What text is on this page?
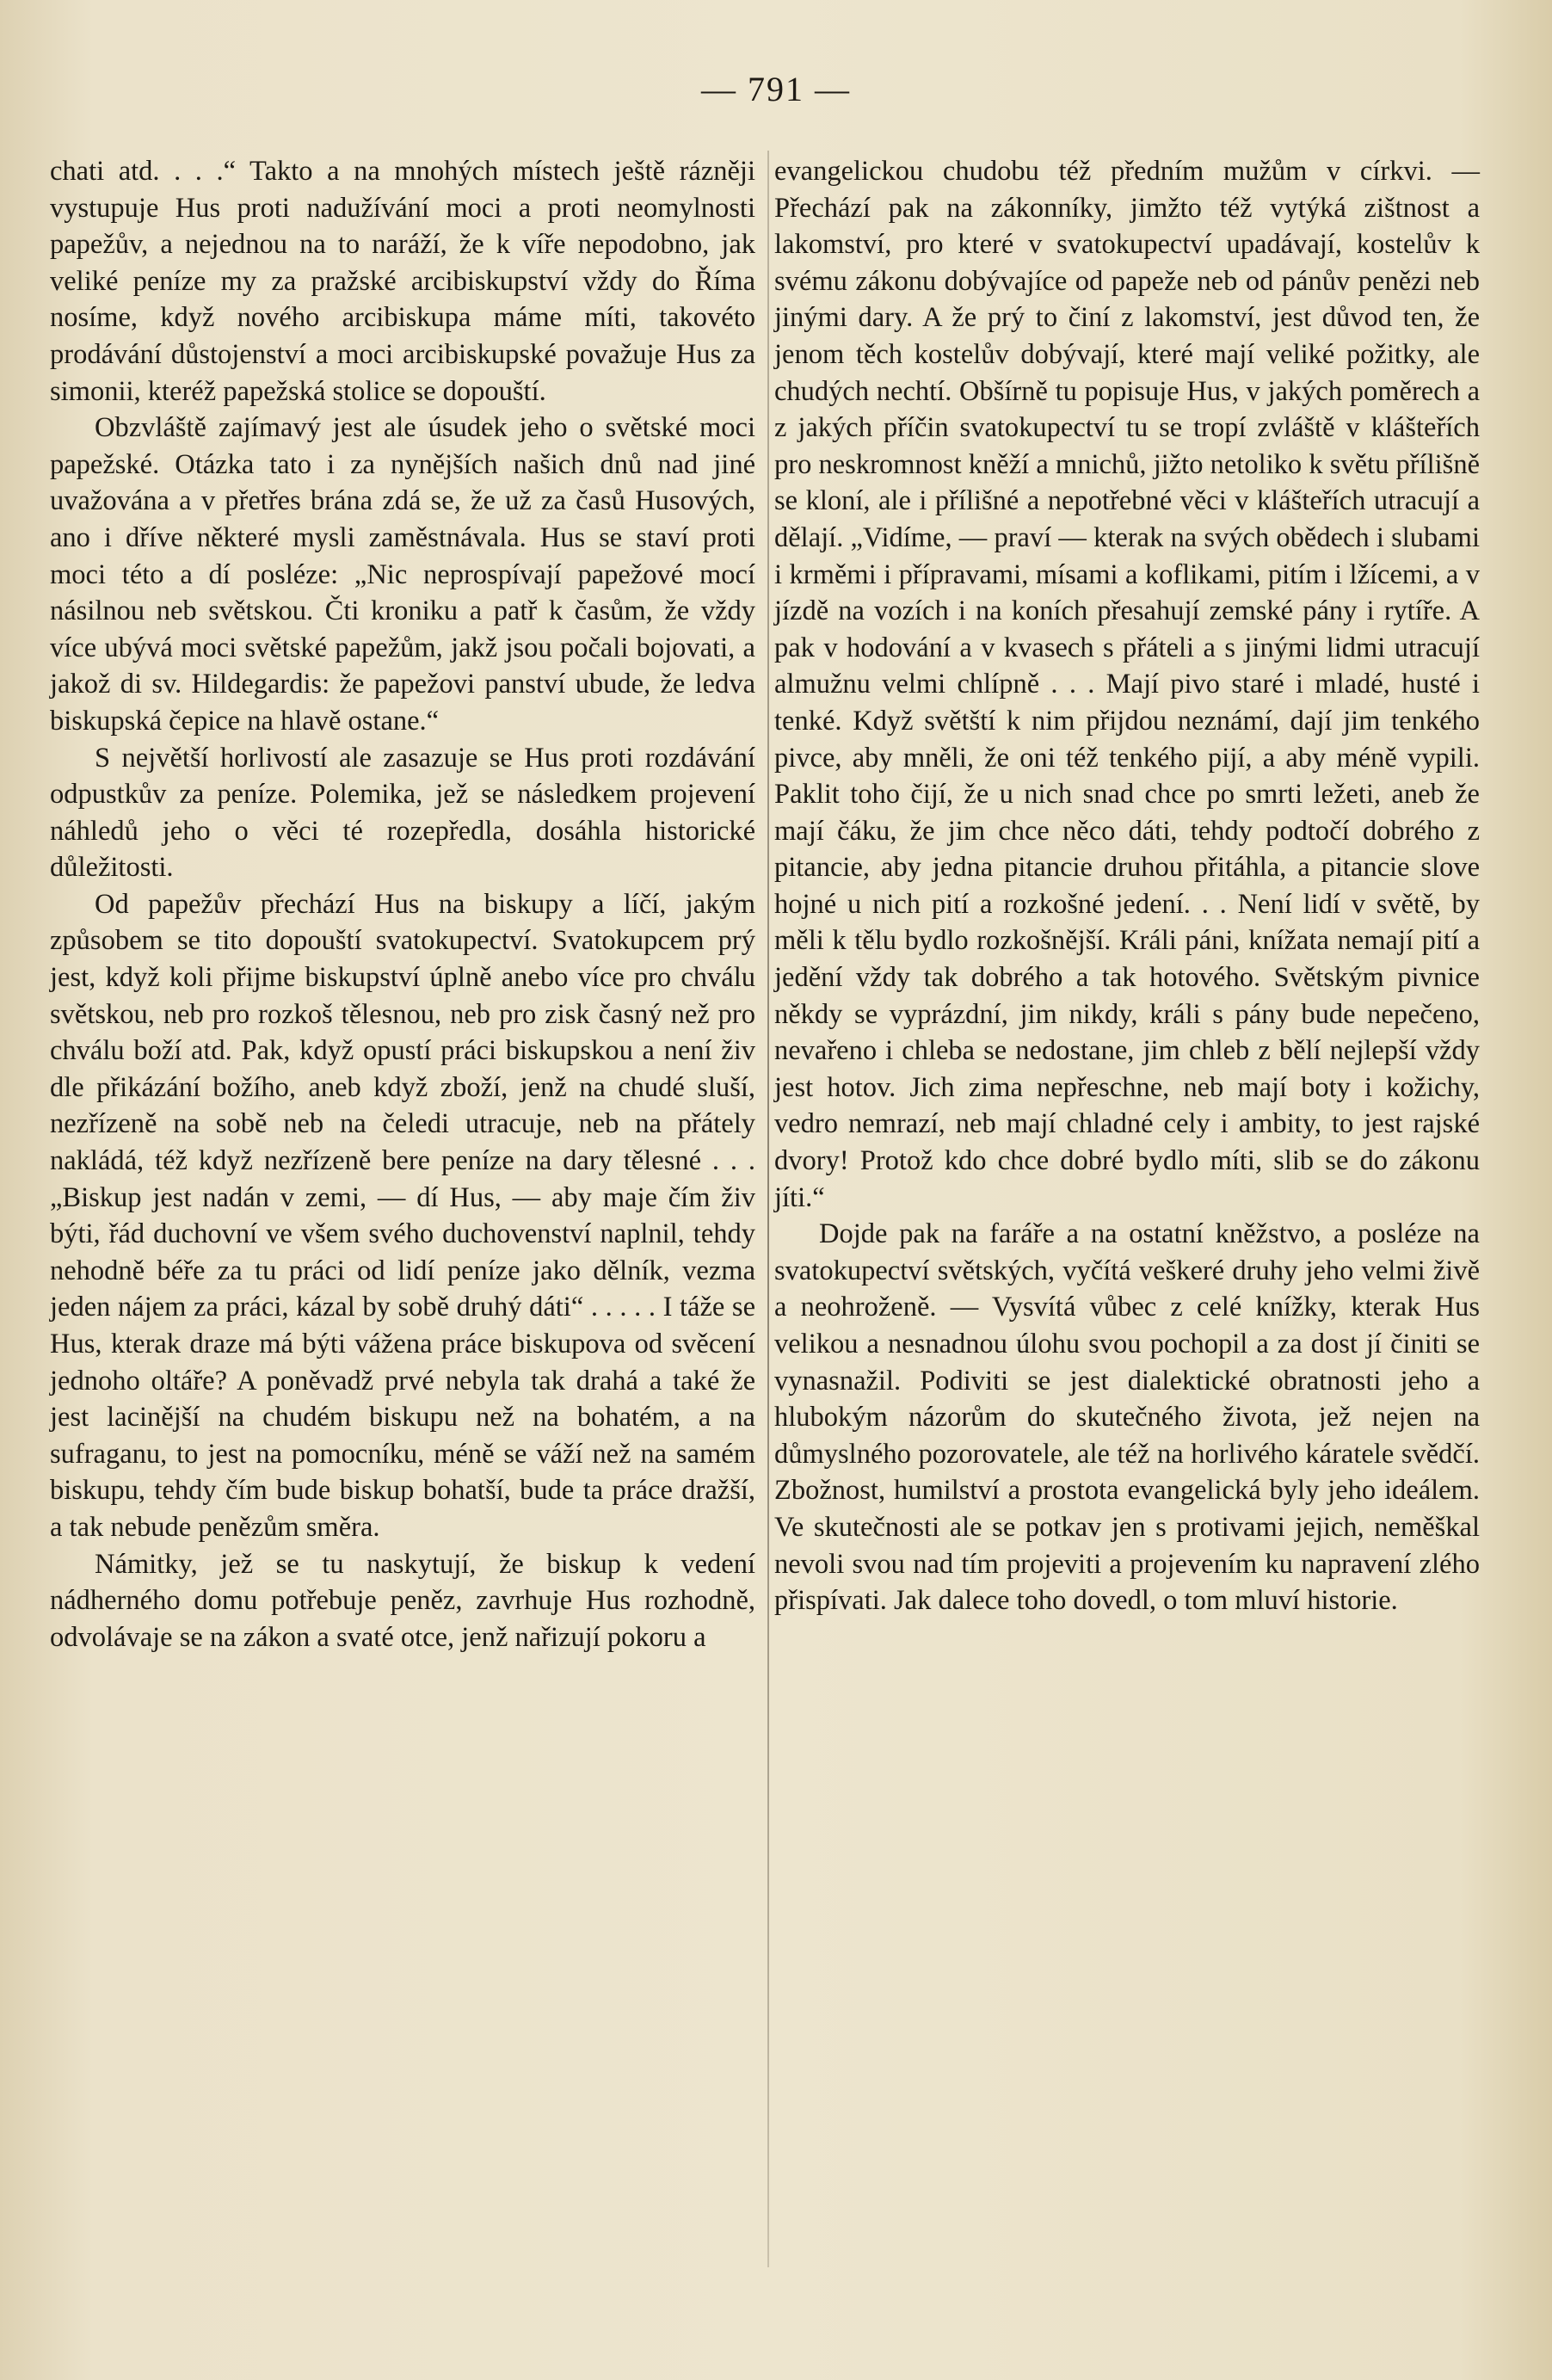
— 791 —

chati atd. . . .“ Takto a na mnohých místech ještě rázněji vystupuje Hus proti nadužívání moci a proti neomylnosti papežův, a nejednou na to naráží, že k víře nepodobno, jak veliké peníze my za pražské arcibiskupství vždy do Říma nosíme, když nového arcibiskupa máme míti, takovéto prodávání důstojenství a moci arcibiskupské považuje Hus za simonii, kteréž papežská stolice se dopouští.

Obzvláště zajímavý jest ale úsudek jeho o světské moci papežské. Otázka tato i za nynějších našich dnů nad jiné uvažována a v přetřes brána zdá se, že už za časů Husových, ano i dříve některé mysli zaměstnávala. Hus se staví proti moci této a dí posléze: „Nic neprospívají papežové mocí násilnou neb světskou. Čti kroniku a patř k časům, že vždy více ubývá moci světské papežům, jakž jsou počali bojovati, a jakož di sv. Hildegardis: že papežovi panství ubude, že ledva biskupská čepice na hlavě ostane.“

S největší horlivostí ale zasazuje se Hus proti rozdávání odpustkův za peníze. Polemika, jež se následkem projevení náhledů jeho o věci té rozepředla, dosáhla historické důležitosti.

Od papežův přechází Hus na biskupy a líčí, jakým způsobem se tito dopouští svatokupectví. Svatokupcem prý jest, když koli přijme biskupství úplně anebo více pro chválu světskou, neb pro rozkoš tělesnou, neb pro zisk časný než pro chválu boží atd. Pak, když opustí práci biskupskou a není živ dle přikázání božího, aneb když zboží, jenž na chudé sluší, nezřízeně na sobě neb na čeledi utracuje, neb na přátely nakládá, též když nezřízeně bere peníze na dary tělesné . . . „Biskup jest nadán v zemi, — dí Hus, — aby maje čím živ býti, řád duchovní ve všem svého duchovenství naplnil, tehdy nehodně béře za tu práci od lidí peníze jako dělník, vezma jeden nájem za práci, kázal by sobě druhý dáti“ . . . . . I táže se Hus, kterak draze má býti vážena práce biskupova od svěcení jednoho oltáře? A poněvadž prvé nebyla tak drahá a také že jest lacinější na chudém biskupu než na bohatém, a na sufraganu, to jest na pomocníku, méně se váží než na samém biskupu, tehdy čím bude biskup bohatší, bude ta práce dražší, a tak nebude penězům směra.

Námitky, jež se tu naskytují, že biskup k vedení nádherného domu potřebuje peněz, zavrhuje Hus rozhodně, odvolávaje se na zákon a svaté otce, jenž nařizují pokoru a

evangelickou chudobu též předním mužům v církvi. — Přechází pak na zákonníky, jimžto též vytýká zištnost a lakomství, pro které v svatokupectví upadávají, kostelův k svému zákonu dobývajíce od papeže neb od pánův penězi neb jinými dary. A že prý to činí z lakomství, jest důvod ten, že jenom těch kostelův dobývají, které mají veliké požitky, ale chudých nechtí. Obšírně tu popisuje Hus, v jakých poměrech a z jakých příčin svatokupectví tu se tropí zvláště v klášteřích pro neskromnost kněží a mnichů, jižto netoliko k světu přílišně se kloní, ale i přílišné a nepotřebné věci v klášteřích utracují a dělají. „Vidíme, — praví — kterak na svých obědech i slubami i krměmi i přípravami, mísami a koflikami, pitím i lžícemi, a v jízdě na vozích i na koních přesahují zemské pány i rytíře. A pak v hodování a v kvasech s přáteli a s jinými lidmi utracují almužnu velmi chlípně . . . Mají pivo staré i mladé, husté i tenké. Když světští k nim přijdou neznámí, dají jim tenkého pivce, aby mněli, že oni též tenkého pijí, a aby méně vypili. Paklit toho čijí, že u nich snad chce po smrti ležeti, aneb že mají čáku, že jim chce něco dáti, tehdy podtočí dobrého z pitancie, aby jedna pitancie druhou přitáhla, a pitancie slove hojné u nich pití a rozkošné jedení. . . Není lidí v světě, by měli k tělu bydlo rozkošnější. Králi páni, knížata nemají pití a jedění vždy tak dobrého a tak hotového. Světským pivnice někdy se vyprázdní, jim nikdy, králi s pány bude nepečeno, nevařeno i chleba se nedostane, jim chleb z bělí nejlepší vždy jest hotov. Jich zima nepřeschne, neb mají boty i kožichy, vedro nemrazí, neb mají chladné cely i ambity, to jest rajské dvory! Protož kdo chce dobré bydlo míti, slib se do zákonu jíti.“

Dojde pak na faráře a na ostatní kněžstvo, a posléze na svatokupectví světských, vyčítá veškeré druhy jeho velmi živě a neohroženě. — Vysvítá vůbec z celé knížky, kterak Hus velikou a nesnadnou úlohu svou pochopil a za dost jí činiti se vynasnažil. Podiviti se jest dialektické obratnosti jeho a hlubokým názorům do skutečného života, jež nejen na důmyslného pozorovatele, ale též na horlivého káratele svědčí. Zbožnost, humilství a prostota evangelická byly jeho ideálem. Ve skutečnosti ale se potkav jen s protivami jejich, neměškal nevoli svou nad tím projeviti a projevením ku napravení zlého přispívati. Jak dalece toho dovedl, o tom mluví historie.
